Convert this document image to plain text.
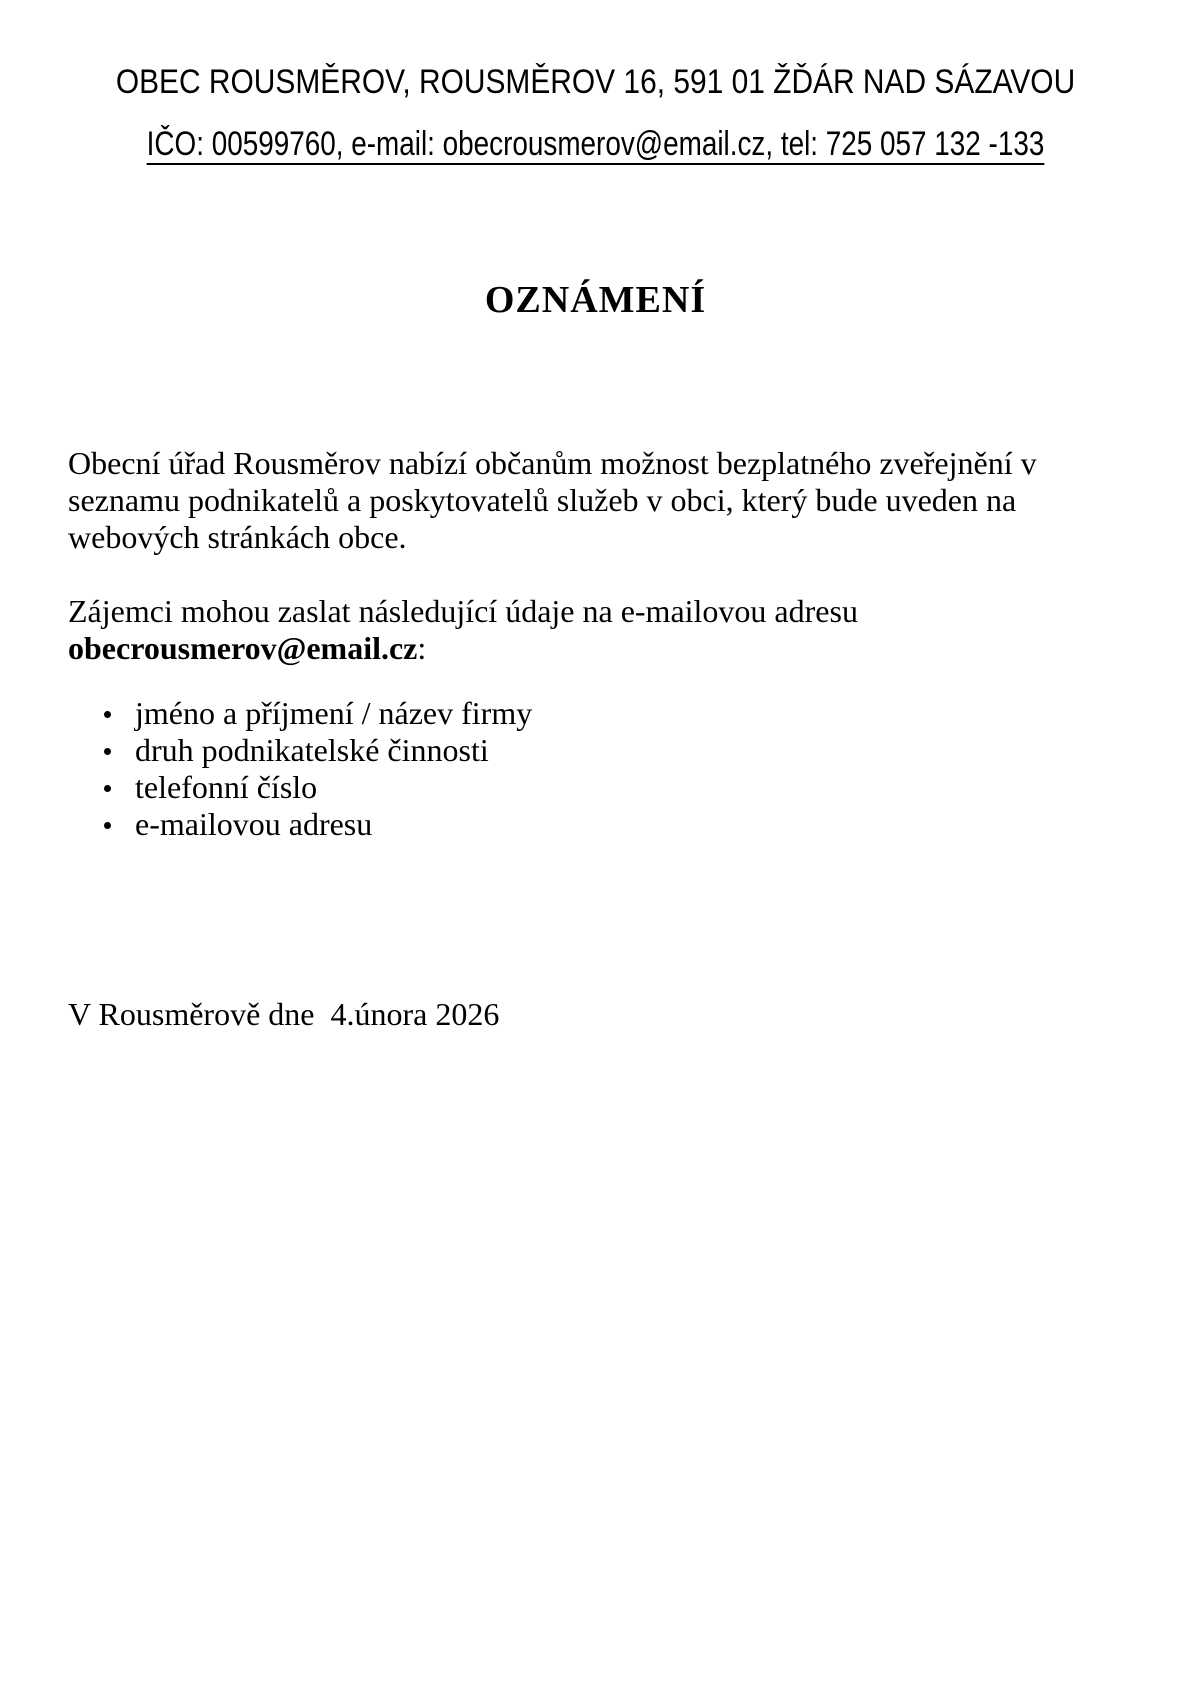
OBEC ROUSMĚROV, ROUSMĚROV 16, 591 01 ŽĎÁR NAD SÁZAVOU
IČO: 00599760, e-mail: obecrousmerov@email.cz, tel: 725 057 132 -133
OZNÁMENÍ
Obecní úřad Rousměrov nabízí občanům možnost bezplatného zveřejnění v
seznamu podnikatelů a poskytovatelů služeb v obci, který bude uveden na
webových stránkách obce.
Zájemci mohou zaslat následující údaje na e-mailovou adresu
obecrousmerov@email.cz:
jméno a příjmení / název firmy
druh podnikatelské činnosti
telefonní číslo
e-mailovou adresu
V Rousměrově dne  4.února 2026
